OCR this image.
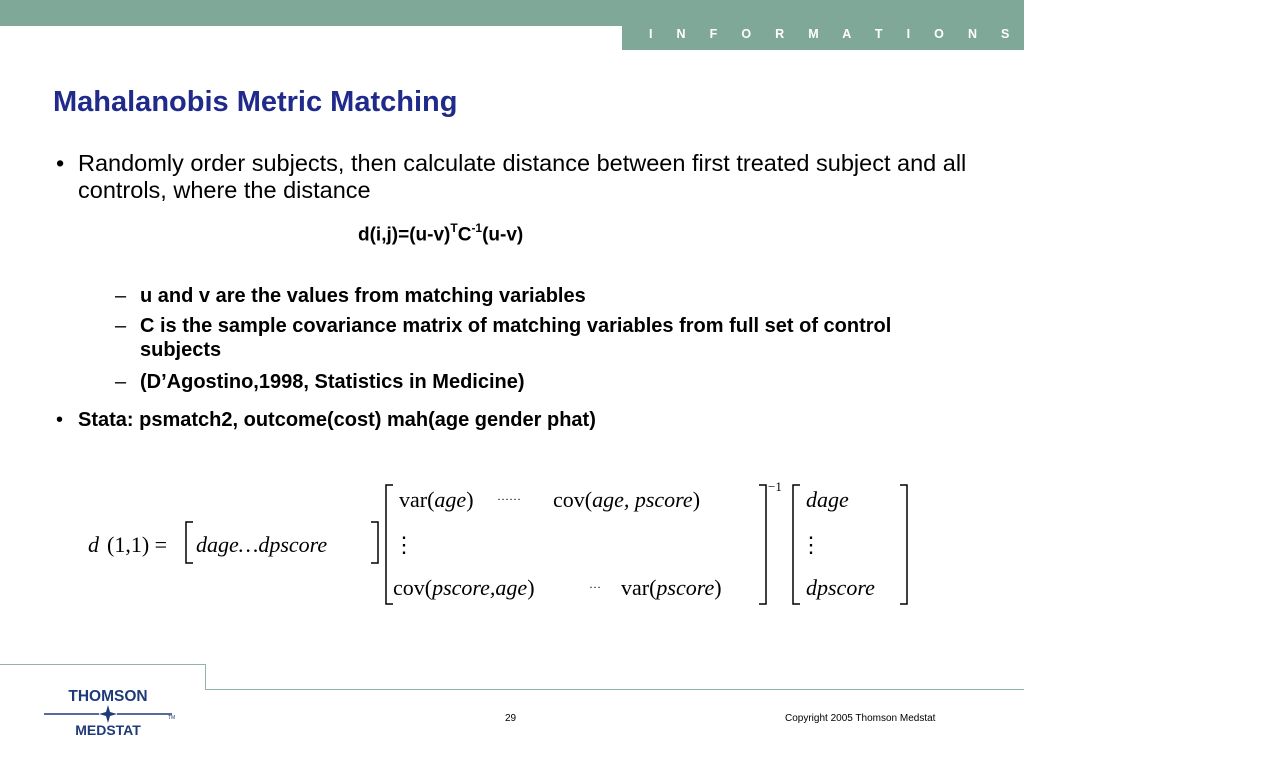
I N F O R M A T I O N S O L U T I O N S
Mahalanobis Metric Matching
• Randomly order subjects, then calculate distance between first treated subject and all controls, where the distance
$d(i,j)=(u-v)^TC^{-1}(u-v)$
– u and v are the values from matching variables
– C is the sample covariance matrix of matching variables from full set of control subjects
– (D’Agostino,1998, Statistics in Medicine)
• Stata: psmatch2, outcome(cost) mah(age gender phat)
d (1,1) = dage…dpscore	⋮
var(age) ······ cov(age, pscore)
cov(pscore,age)	··· var(pscore)
−1
dage
⋮
dpscore
THOMSON
TM
MEDSTAT
29	Copyright 2005 Thomson Medstat
